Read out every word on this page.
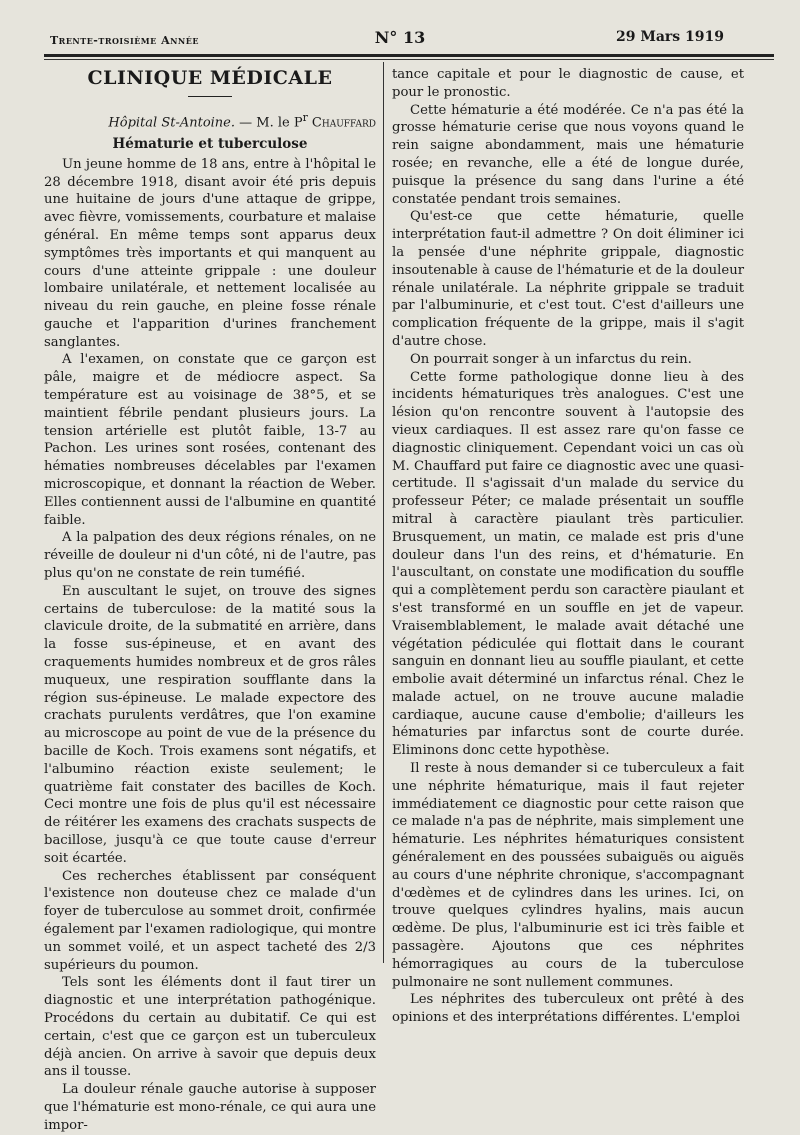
Trente-troisième Année	N° 13	29 Mars 1919
CLINIQUE MÉDICALE
Hôpital St-Antoine. — M. le $P^r$ Chauffard
Hématurie et tuberculose

Un jeune homme de 18 ans, entre à l'hôpital le 28 décembre 1918, disant avoir été pris depuis une huitaine de jours d'une attaque de grippe, avec fièvre, vomissements, courbature et malaise général. En même temps sont apparus deux symptômes très importants et qui manquent au cours d'une atteinte grippale : une douleur lombaire unilatérale, et nettement localisée au niveau du rein gauche, en pleine fosse rénale gauche et l'apparition d'urines franchement sanglantes.

A l'examen, on constate que ce garçon est pâle, maigre et de médiocre aspect. Sa température est au voisinage de 38°5, et se maintient fébrile pendant plusieurs jours. La tension artérielle est plutôt faible, 13-7 au Pachon. Les urines sont rosées, contenant des hématies nombreuses décelables par l'examen microscopique, et donnant la réaction de Weber. Elles contiennent aussi de l'albumine en quantité faible.

A la palpation des deux régions rénales, on ne réveille de douleur ni d'un côté, ni de l'autre, pas plus qu'on ne constate de rein tuméfié.

En auscultant le sujet, on trouve des signes certains de tuberculose: de la matité sous la clavicule droite, de la submatité en arrière, dans la fosse sus-épineuse, et en avant des craquements humides nombreux et de gros râles muqueux, une respiration soufflante dans la région sus-épineuse. Le malade expectore des crachats purulents verdâtres, que l'on examine au microscope au point de vue de la présence du bacille de Koch. Trois examens sont négatifs, et l'albumino réaction existe seulement; le quatrième fait constater des bacilles de Koch. Ceci montre une fois de plus qu'il est nécessaire de réitérer les examens des crachats suspects de bacillose, jusqu'à ce que toute cause d'erreur soit écartée.

Ces recherches établissent par conséquent l'existence non douteuse chez ce malade d'un foyer de tuberculose au sommet droit, confirmée également par l'examen radiologique, qui montre un sommet voilé, et un aspect tacheté des 2/3 supérieurs du poumon.

Tels sont les éléments dont il faut tirer un diagnostic et une interprétation pathogénique. Procédons du certain au dubitatif. Ce qui est certain, c'est que ce garçon est un tuberculeux déjà ancien. On arrive à savoir que depuis deux ans il tousse.

La douleur rénale gauche autorise à supposer que l'hématurie est mono-rénale, ce qui aura une impor-

tance capitale et pour le diagnostic de cause, et pour le pronostic.

Cette hématurie a été modérée. Ce n'a pas été la grosse hématurie cerise que nous voyons quand le rein saigne abondamment, mais une hématurie rosée; en revanche, elle a été de longue durée, puisque la présence du sang dans l'urine a été constatée pendant trois semaines.

Qu'est-ce que cette hématurie, quelle interprétation faut-il admettre ? On doit éliminer ici la pensée d'une néphrite grippale, diagnostic insoutenable à cause de l'hématurie et de la douleur rénale unilatérale. La néphrite grippale se traduit par l'albuminurie, et c'est tout. C'est d'ailleurs une complication fréquente de la grippe, mais il s'agit d'autre chose.

On pourrait songer à un infarctus du rein.

Cette forme pathologique donne lieu à des incidents hématuriques très analogues. C'est une lésion qu'on rencontre souvent à l'autopsie des vieux cardiaques. Il est assez rare qu'on fasse ce diagnostic cliniquement. Cependant voici un cas où M. Chauffard put faire ce diagnostic avec une quasi-certitude. Il s'agissait d'un malade du service du professeur Péter; ce malade présentait un souffle mitral à caractère piaulant très particulier. Brusquement, un matin, ce malade est pris d'une douleur dans l'un des reins, et d'hématurie. En l'auscultant, on constate une modification du souffle qui a complètement perdu son caractère piaulant et s'est transformé en un souffle en jet de vapeur. Vraisemblablement, le malade avait détaché une végétation pédiculée qui flottait dans le courant sanguin en donnant lieu au souffle piaulant, et cette embolie avait déterminé un infarctus rénal. Chez le malade actuel, on ne trouve aucune maladie cardiaque, aucune cause d'embolie; d'ailleurs les hématuries par infarctus sont de courte durée. Eliminons donc cette hypothèse.

Il reste à nous demander si ce tuberculeux a fait une néphrite hématurique, mais il faut rejeter immédiatement ce diagnostic pour cette raison que ce malade n'a pas de néphrite, mais simplement une hématurie. Les néphrites hématuriques consistent généralement en des poussées subaiguës ou aiguës au cours d'une néphrite chronique, s'accompagnant d'œdèmes et de cylindres dans les urines. Ici, on trouve quelques cylindres hyalins, mais aucun œdème. De plus, l'albuminurie est ici très faible et passagère. Ajoutons que ces néphrites hémorragiques au cours de la tuberculose pulmonaire ne sont nullement communes.

Les néphrites des tuberculeux ont prêté à des opinions et des interprétations différentes. L'emploi
